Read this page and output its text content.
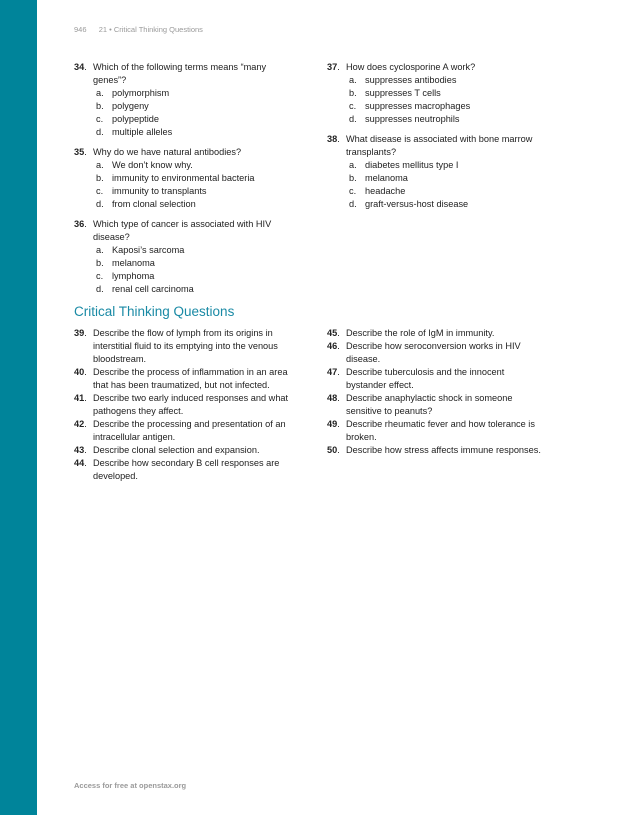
946 21 • Critical Thinking Questions
34 . Which of the following terms means “many genes”?
a . polymorphism
b . polygeny
c . polypeptide
d . multiple alleles
35 . Why do we have natural antibodies?
a . We don’t know why.
b . immunity to environmental bacteria
c . immunity to transplants
d . from clonal selection
36 . Which type of cancer is associated with HIV disease?
a . Kaposi’s sarcoma
b . melanoma
c . lymphoma
d . renal cell carcinoma
37 . How does cyclosporine A work?
a . suppresses antibodies
b . suppresses T cells
c . suppresses macrophages
d . suppresses neutrophils
38 . What disease is associated with bone marrow transplants?
a . diabetes mellitus type I
b . melanoma
c . headache
d . graft-versus-host disease
Critical Thinking Questions
39 . Describe the flow of lymph from its origins in interstitial fluid to its emptying into the venous bloodstream.
40 . Describe the process of inflammation in an area that has been traumatized, but not infected.
41 . Describe two early induced responses and what pathogens they affect.
42 . Describe the processing and presentation of an intracellular antigen.
43 . Describe clonal selection and expansion.
44 . Describe how secondary B cell responses are developed.
45 . Describe the role of IgM in immunity.
46 . Describe how seroconversion works in HIV disease.
47 . Describe tuberculosis and the innocent bystander effect.
48 . Describe anaphylactic shock in someone sensitive to peanuts?
49 . Describe rheumatic fever and how tolerance is broken.
50 . Describe how stress affects immune responses.
Access for free at openstax.org
